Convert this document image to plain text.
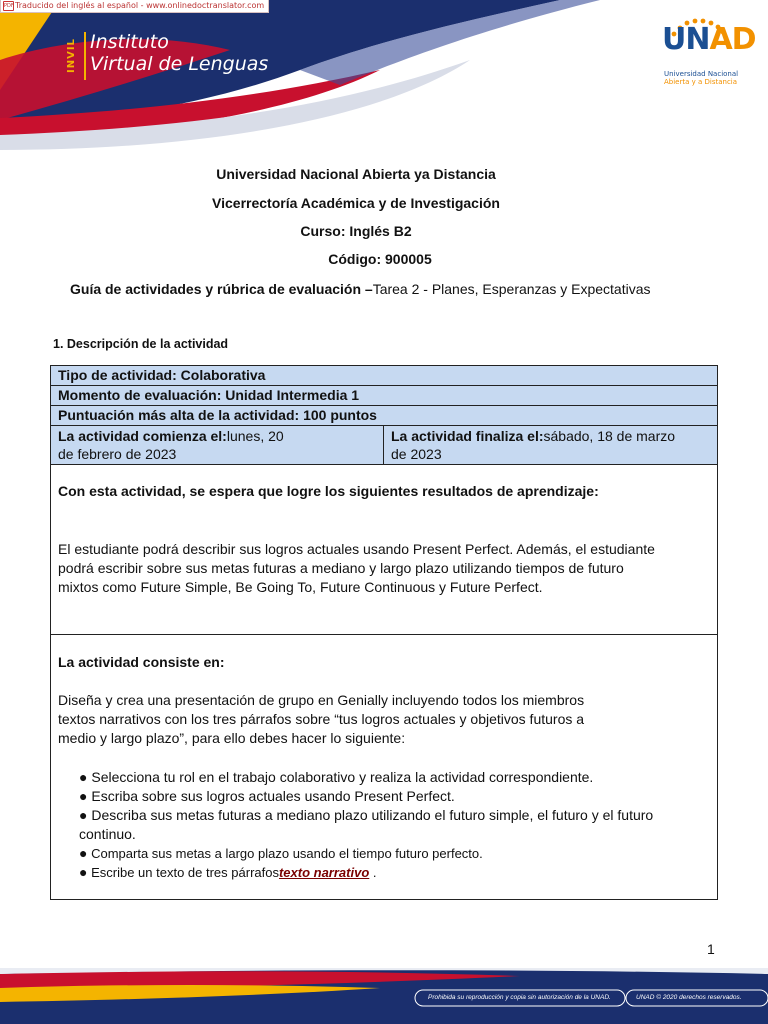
PDF Traducido del inglés al español - www.onlinedoctranslator.com
INVIL Instituto
Virtual de Lenguas
UNAD
Universidad Nacional
Abierta y a Distancia
Universidad Nacional Abierta ya Distancia
Vicerrectoría Académica y de Investigación
Curso: Inglés B2
Código: 900005
Guía de actividades y rúbrica de evaluación –Tarea 2 - Planes, Esperanzas y Expectativas
1. Descripción de la actividad
Tipo de actividad: Colaborativa
Momento de evaluación: Unidad Intermedia 1
Puntuación más alta de la actividad: 100 puntos
La actividad comienza el:lunes, 20
de febrero de 2023
La actividad finaliza el:sábado, 18 de marzo
de 2023
Con esta actividad, se espera que logre los siguientes resultados de aprendizaje:
El estudiante podrá describir sus logros actuales usando Present Perfect. Además, el estudiante
podrá escribir sobre sus metas futuras a mediano y largo plazo utilizando tiempos de futuro
mixtos como Future Simple, Be Going To, Future Continuous y Future Perfect.
La actividad consiste en:
Diseña y crea una presentación de grupo en Genially incluyendo todos los miembros
textos narrativos con los tres párrafos sobre “tus logros actuales y objetivos futuros a
medio y largo plazo”, para ello debes hacer lo siguiente:
● Selecciona tu rol en el trabajo colaborativo y realiza la actividad correspondiente.
● Escriba sobre sus logros actuales usando Present Perfect.
● Describa sus metas futuras a mediano plazo utilizando el futuro simple, el futuro y el futuro
continuo.
● Comparta sus metas a largo plazo usando el tiempo futuro perfecto.
● Escribe un texto de tres párrafostexto narrativo .
1
Prohibida su reproducción y copia sin autorización de la UNAD.	UNAD © 2020 derechos reservados.
